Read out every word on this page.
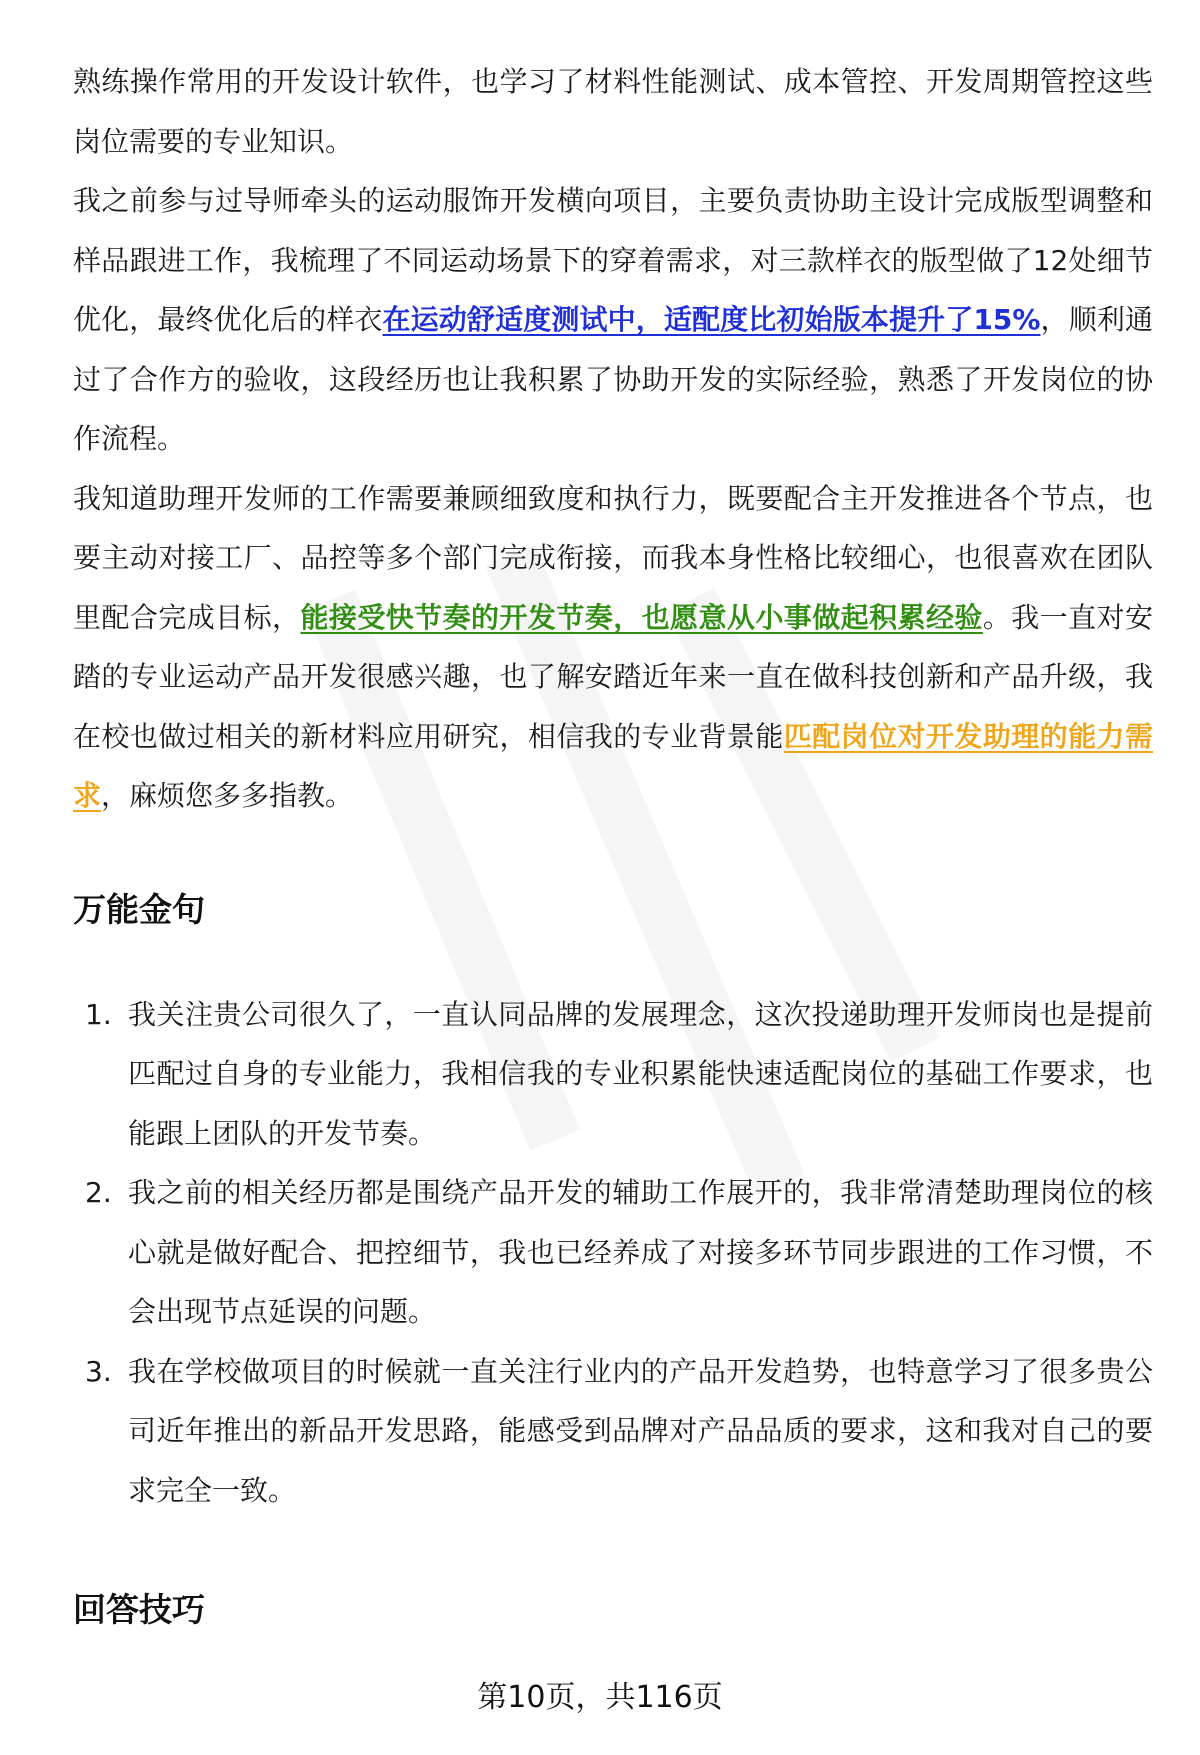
熟练操作常用的开发设计软件，也学习了材料性能测试、成本管控、开发周期管控这些岗位需要的专业知识。

我之前参与过导师牵头的运动服饰开发横向项目，主要负责协助主设计完成版型调整和样品跟进工作，我梳理了不同运动场景下的穿着需求，对三款样衣的版型做了12处细节优化，最终优化后的样衣在运动舒适度测试中，适配度比初始版本提升了15%，顺利通过了合作方的验收，这段经历也让我积累了协助开发的实际经验，熟悉了开发岗位的协作流程。

我知道助理开发师的工作需要兼顾细致度和执行力，既要配合主开发推进各个节点，也要主动对接工厂、品控等多个部门完成衔接，而我本身性格比较细心，也很喜欢在团队里配合完成目标，能接受快节奏的开发节奏，也愿意从小事做起积累经验。我一直对安踏的专业运动产品开发很感兴趣，也了解安踏近年来一直在做科技创新和产品升级，我在校也做过相关的新材料应用研究，相信我的专业背景能匹配岗位对开发助理的能力需求，麻烦您多多指教。

万能金句
1. 我关注贵公司很久了，一直认同品牌的发展理念，这次投递助理开发师岗也是提前匹配过自身的专业能力，我相信我的专业积累能快速适配岗位的基础工作要求，也能跟上团队的开发节奏。
2. 我之前的相关经历都是围绕产品开发的辅助工作展开的，我非常清楚助理岗位的核心就是做好配合、把控细节，我也已经养成了对接多环节同步跟进的工作习惯，不会出现节点延误的问题。
3. 我在学校做项目的时候就一直关注行业内的产品开发趋势，也特意学习了很多贵公司近年推出的新品开发思路，能感受到品牌对产品品质的要求，这和我对自己的要求完全一致。
回答技巧
第10页，共116页
